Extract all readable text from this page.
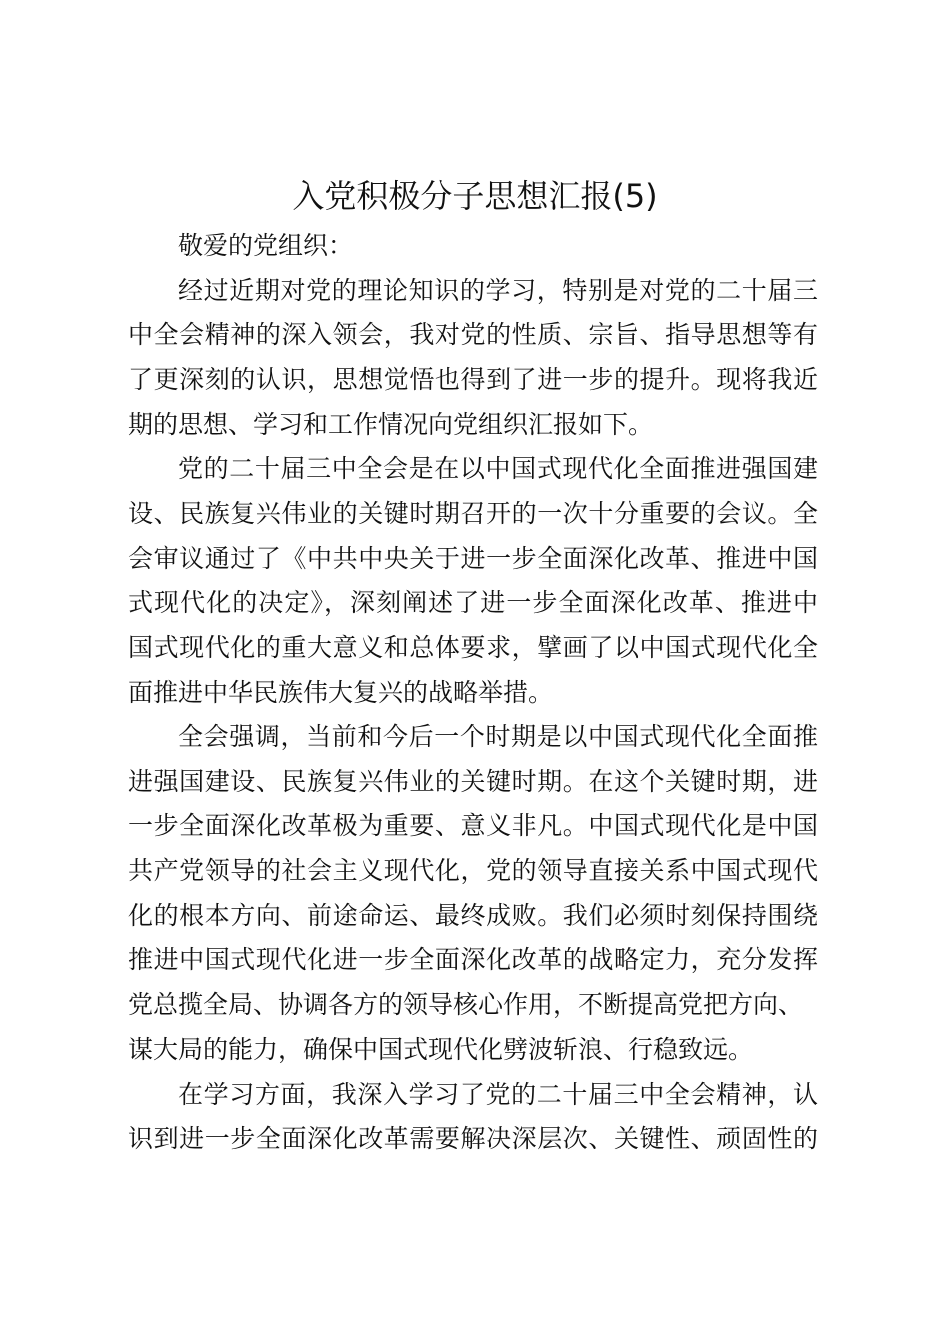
入党积极分子思想汇报(5)
敬爱的党组织：
经过近期对党的理论知识的学习，特别是对党的二十届三
中全会精神的深入领会，我对党的性质、宗旨、指导思想等有
了更深刻的认识，思想觉悟也得到了进一步的提升。现将我近
期的思想、学习和工作情况向党组织汇报如下。
党的二十届三中全会是在以中国式现代化全面推进强国建
设、民族复兴伟业的关键时期召开的一次十分重要的会议。全
会审议通过了《中共中央关于进一步全面深化改革、推进中国
式现代化的决定》，深刻阐述了进一步全面深化改革、推进中
国式现代化的重大意义和总体要求，擘画了以中国式现代化全
面推进中华民族伟大复兴的战略举措。
全会强调，当前和今后一个时期是以中国式现代化全面推
进强国建设、民族复兴伟业的关键时期。在这个关键时期，进
一步全面深化改革极为重要、意义非凡。中国式现代化是中国
共产党领导的社会主义现代化，党的领导直接关系中国式现代
化的根本方向、前途命运、最终成败。我们必须时刻保持围绕
推进中国式现代化进一步全面深化改革的战略定力，充分发挥
党总揽全局、协调各方的领导核心作用，不断提高党把方向、
谋大局的能力，确保中国式现代化劈波斩浪、行稳致远。
在学习方面，我深入学习了党的二十届三中全会精神，认
识到进一步全面深化改革需要解决深层次、关键性、顽固性的
